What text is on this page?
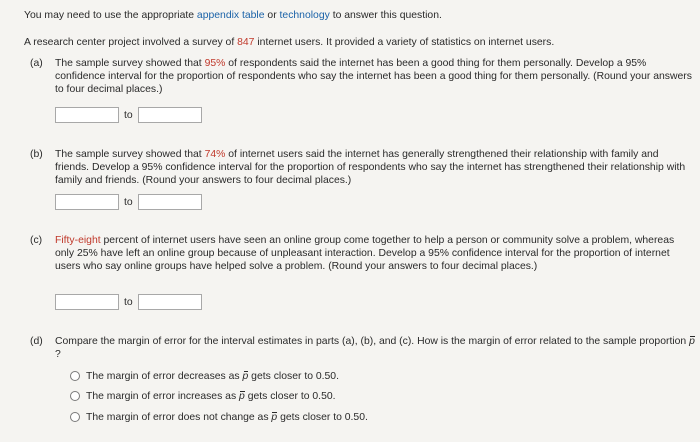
You may need to use the appropriate appendix table or technology to answer this question.
A research center project involved a survey of 847 internet users. It provided a variety of statistics on internet users.
(a) The sample survey showed that 95% of respondents said the internet has been a good thing for them personally. Develop a 95% confidence interval for the proportion of respondents who say the internet has been a good thing for them personally. (Round your answers to four decimal places.)
to
(b) The sample survey showed that 74% of internet users said the internet has generally strengthened their relationship with family and friends. Develop a 95% confidence interval for the proportion of respondents who say the internet has strengthened their relationship with family and friends. (Round your answers to four decimal places.)
to
(c) Fifty-eight percent of internet users have seen an online group come together to help a person or community solve a problem, whereas only 25% have left an online group because of unpleasant interaction. Develop a 95% confidence interval for the proportion of internet users who say online groups have helped solve a problem. (Round your answers to four decimal places.)
to
(d) Compare the margin of error for the interval estimates in parts (a), (b), and (c). How is the margin of error related to the sample proportion p?
The margin of error decreases as p gets closer to 0.50.
The margin of error increases as p gets closer to 0.50.
The margin of error does not change as p gets closer to 0.50.
